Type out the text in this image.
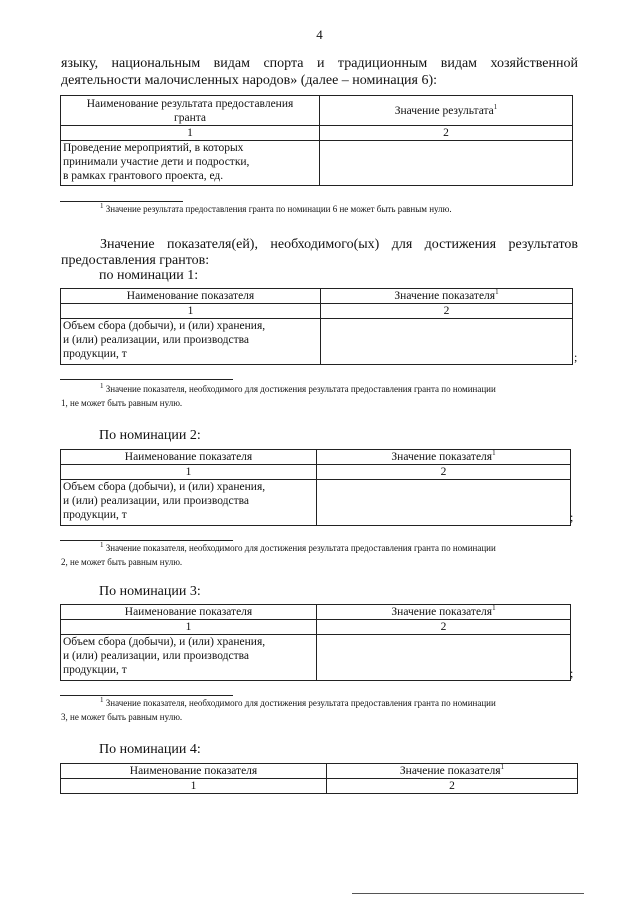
4
языку, национальным видам спорта и традиционным видам хозяйственной
деятельности малочисленных народов» (далее – номинация 6):
Наименование результата предоставления
гранта	Значение результата$^1$
1	2

Проведение мероприятий, в которых
принимали участие дети и подростки,
в рамках грантового проекта, ед.	

$^1$ Значение результата предоставления гранта по номинации 6 не может быть равным нулю.
Значение показателя(ей), необходимого(ых) для достижения результатов
предоставления грантов:
по номинации 1:
Наименование показателя	Значение показателя$^1$
1	2

Объем сбора (добычи), и (или) хранения,
и (или) реализации, или производства
продукции, т	
		;
$^1$ Значение показателя, необходимого для достижения результата предоставления гранта по номинации
1, не может быть равным нулю.
По номинации 2:
Наименование показателя	Значение показателя$^1$
1	2

Объем сбора (добычи), и (или) хранения,
и (или) реализации, или производства
продукции, т	
		;
$^1$ Значение показателя, необходимого для достижения результата предоставления гранта по номинации
2, не может быть равным нулю.
По номинации 3:
Наименование показателя	Значение показателя$^1$
1	2

Объем сбора (добычи), и (или) хранения,
и (или) реализации, или производства
продукции, т	
		;
$^1$ Значение показателя, необходимого для достижения результата предоставления гранта по номинации
3, не может быть равным нулю.
По номинации 4:
Наименование показателя	Значение показателя$^1$
1	2
